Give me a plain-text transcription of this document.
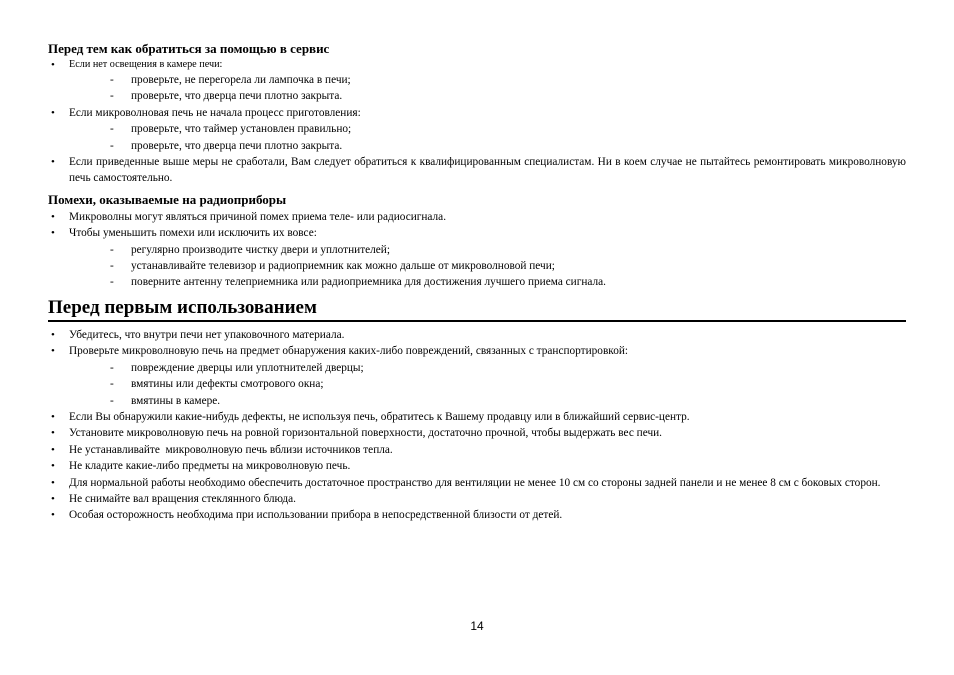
Перед тем как обратиться за помощью в сервис
• Если нет освещения в камере печи:
- проверьте, не перегорела ли лампочка в печи;
- проверьте, что дверца печи плотно закрыта.
• Если микроволновая печь не начала процесс приготовления:
- проверьте, что таймер установлен правильно;
- проверьте, что дверца печи плотно закрыта.
• Если приведенные выше меры не сработали, Вам следует обратиться к квалифицированным специалистам. Ни в коем случае не пытайтесь ремонтировать микроволновую печь самостоятельно.
Помехи, оказываемые на радиоприборы
• Микроволны могут являться причиной помех приема теле- или радиосигнала.
• Чтобы уменьшить помехи или исключить их вовсе:
- регулярно производите чистку двери и уплотнителей;
- устанавливайте телевизор и радиоприемник как можно дальше от микроволновой печи;
- поверните антенну телеприемника или радиоприемника для достижения лучшего приема сигнала.
Перед первым использованием
• Убедитесь, что внутри печи нет упаковочного материала.
• Проверьте микроволновую печь на предмет обнаружения каких-либо повреждений, связанных с транспортировкой:
- повреждение дверцы или уплотнителей дверцы;
- вмятины или дефекты смотрового окна;
- вмятины в камере.
• Если Вы обнаружили какие-нибудь дефекты, не используя печь, обратитесь к Вашему продавцу или в ближайший сервис-центр.
• Установите микроволновую печь на ровной горизонтальной поверхности, достаточно прочной, чтобы выдержать вес печи.
• Не устанавливайте  микроволновую печь вблизи источников тепла.
• Не кладите какие-либо предметы на микроволновую печь.
• Для нормальной работы необходимо обеспечить достаточное пространство для вентиляции не менее 10 см со стороны задней панели и не менее 8 см с боковых сторон.
• Не снимайте вал вращения стеклянного блюда.
• Особая осторожность необходима при использовании прибора в непосредственной близости от детей.
14
